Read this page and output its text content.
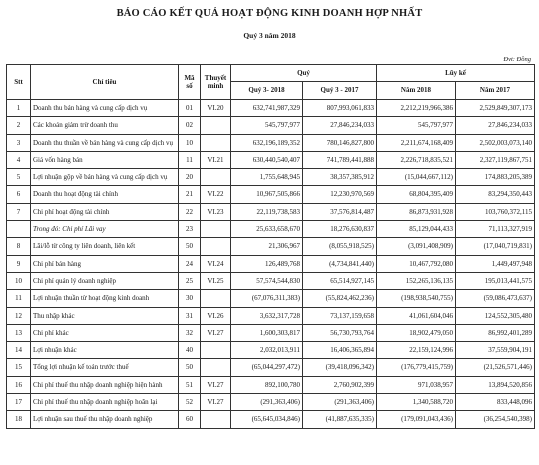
BÁO CÁO KẾT QUẢ HOẠT ĐỘNG KINH DOANH HỢP NHẤT
Quý 3 năm 2018
Đvt: Đồng
Stt	Chỉ tiêu	Mã số	Thuyết minh	Quý		Lũy kế	
				Quý 3- 2018	Quý 3 - 2017	Năm 2018	Năm 2017
1	Doanh thu bán hàng và cung cấp dịch vụ	01	VI.20	632,741,987,329	807,993,061,833	2,212,219,966,386	2,529,849,307,173
2	Các khoản giảm trừ doanh thu	02		545,797,977	27,846,234,033	545,797,977	27,846,234,033
3	Doanh thu thuần về bán hàng và cung cấp dịch vụ	10		632,196,189,352	780,146,827,800	2,211,674,168,409	2,502,003,073,140
4	Giá vốn hàng bán	11	VI.21	630,440,540,407	741,789,441,888	2,226,718,835,521	2,327,119,867,751
5	Lợi nhuận gộp về bán hàng và cung cấp dịch vụ	20		1,755,648,945	38,357,385,912	(15,044,667,112)	174,883,205,389
6	Doanh thu hoạt động tài chính	21	VI.22	10,967,505,866	12,230,970,569	68,804,395,409	83,294,350,443
7	Chi phí hoạt động tài chính	22	VI.23	22,119,738,583	37,576,814,487	86,873,931,928	103,760,372,115
	Trong đó: Chi phí Lãi vay	23		25,633,658,670	18,276,630,837	85,129,044,433	71,113,327,919
8	Lãi/lỗ từ công ty liên doanh, liên kết	50		21,306,967	(8,055,918,525)	(3,091,408,909)	(17,040,719,831)
9	Chi phí bán hàng	24	VI.24	126,489,768	(4,734,841,440)	10,467,792,080	1,449,497,948
10	Chi phí quản lý doanh nghiệp	25	VI.25	57,574,544,830	65,514,927,145	152,265,136,135	195,013,441,575
11	Lợi nhuận thuần từ hoạt động kinh doanh	30		(67,076,311,383)	(55,824,462,236)	(198,938,540,755)	(59,086,473,637)
12	Thu nhập khác	31	VI.26	3,632,317,728	73,137,159,658	41,061,604,046	124,552,305,480
13	Chi phí khác	32	VI.27	1,600,303,817	56,730,793,764	18,902,479,050	86,992,401,289
14	Lợi nhuận khác	40		2,032,013,911	16,406,365,894	22,159,124,996	37,559,904,191
15	Tổng lợi nhuận kế toán trước thuế	50		(65,044,297,472)	(39,418,096,342)	(176,779,415,759)	(21,526,571,446)
16	Chi phí thuế thu nhập doanh nghiệp hiện hành	51	VI.27	892,100,780	2,760,902,399	971,038,957	13,894,520,856
17	Chi phí thuế thu nhập doanh nghiệp hoãn lại	52	VI.27	(291,363,406)	(291,363,406)	1,340,588,720	833,448,096
18	Lợi nhuận sau thuế thu nhập doanh nghiệp	60		(65,645,034,846)	(41,887,635,335)	(179,091,043,436)	(36,254,540,398)
